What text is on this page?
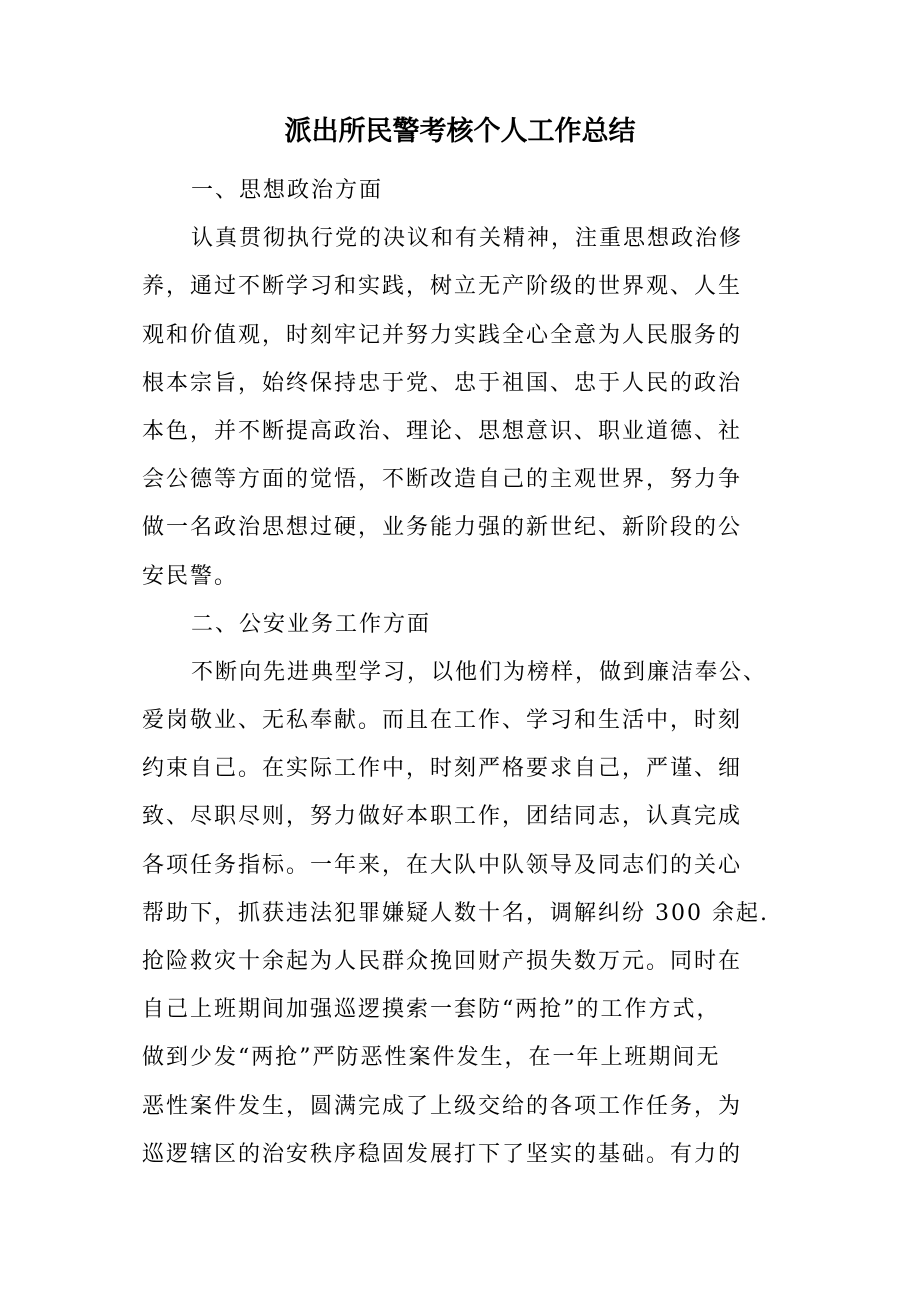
派出所民警考核个人工作总结
一、思想政治方面
认真贯彻执行党的决议和有关精神，注重思想政治修
养，通过不断学习和实践，树立无产阶级的世界观、人生
观和价值观，时刻牢记并努力实践全心全意为人民服务的
根本宗旨，始终保持忠于党、忠于祖国、忠于人民的政治
本色，并不断提高政治、理论、思想意识、职业道德、社
会公德等方面的觉悟，不断改造自己的主观世界，努力争
做一名政治思想过硬，业务能力强的新世纪、新阶段的公
安民警。
二、公安业务工作方面
不断向先进典型学习，以他们为榜样，做到廉洁奉公、
爱岗敬业、无私奉献。而且在工作、学习和生活中，时刻
约束自己。在实际工作中，时刻严格要求自己，严谨、细
致、尽职尽则，努力做好本职工作，团结同志，认真完成
各项任务指标。一年来，在大队中队领导及同志们的关心
帮助下，抓获违法犯罪嫌疑人数十名，调解纠纷 300 余起.
抢险救灾十余起为人民群众挽回财产损失数万元。同时在
自己上班期间加强巡逻摸索一套防“两抢”的工作方式，
做到少发“两抢”严防恶性案件发生，在一年上班期间无
恶性案件发生，圆满完成了上级交给的各项工作任务，为
巡逻辖区的治安秩序稳固发展打下了坚实的基础。有力的
